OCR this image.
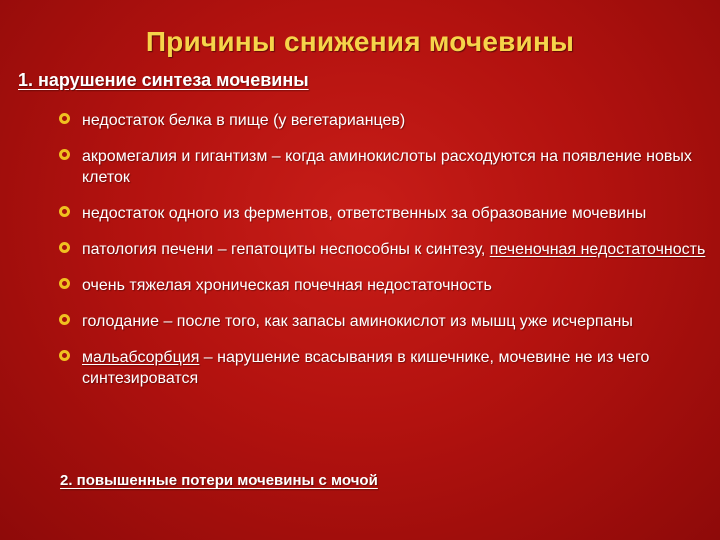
Причины снижения мочевины
1. нарушение синтеза мочевины
недостаток белка в пище (у вегетарианцев)
акромегалия и гигантизм – когда аминокислоты расходуются на появление новых клеток
недостаток одного из ферментов, ответственных за образование мочевины
патология печени – гепатоциты неспособны к синтезу, печеночная недостаточность
очень тяжелая хроническая почечная недостаточность
голодание – после того, как запасы аминокислот из мышц уже исчерпаны
мальабсорбция – нарушение всасывания в кишечнике, мочевине не из чего синтезироватся
2. повышенные потери мочевины с мочой
